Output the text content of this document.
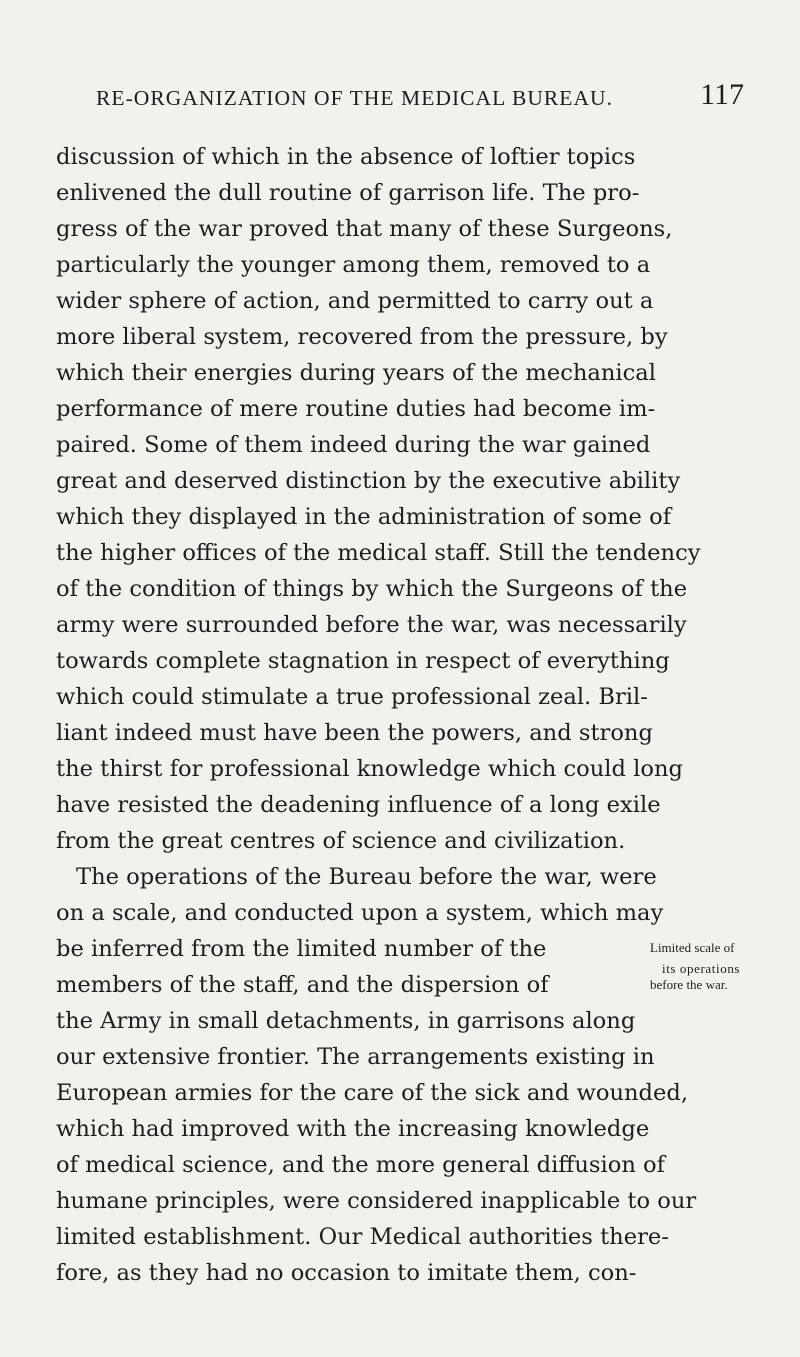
RE-ORGANIZATION OF THE MEDICAL BUREAU.	117
discussion of which in the absence of loftier topics
enlivened the dull routine of garrison life. The pro-
gress of the war proved that many of these Surgeons,
particularly the younger among them, removed to a
wider sphere of action, and permitted to carry out a
more liberal system, recovered from the pressure, by
which their energies during years of the mechanical
performance of mere routine duties had become im-
paired. Some of them indeed during the war gained
great and deserved distinction by the executive ability
which they displayed in the administration of some of
the higher offices of the medical staff. Still the tendency
of the condition of things by which the Surgeons of the
army were surrounded before the war, was necessarily
towards complete stagnation in respect of everything
which could stimulate a true professional zeal. Bril-
liant indeed must have been the powers, and strong
the thirst for professional knowledge which could long
have resisted the deadening influence of a long exile
from the great centres of science and civilization.
The operations of the Bureau before the war, were
on a scale, and conducted upon a system, which may
be inferred from the limited number of the
members of the staff, and the dispersion of
the Army in small detachments, in garrisons along
our extensive frontier. The arrangements existing in
European armies for the care of the sick and wounded,
which had improved with the increasing knowledge
of medical science, and the more general diffusion of
humane principles, were considered inapplicable to our
limited establishment. Our Medical authorities there-
fore, as they had no occasion to imitate them, con-
Limited scale of
its operations
before the war.
